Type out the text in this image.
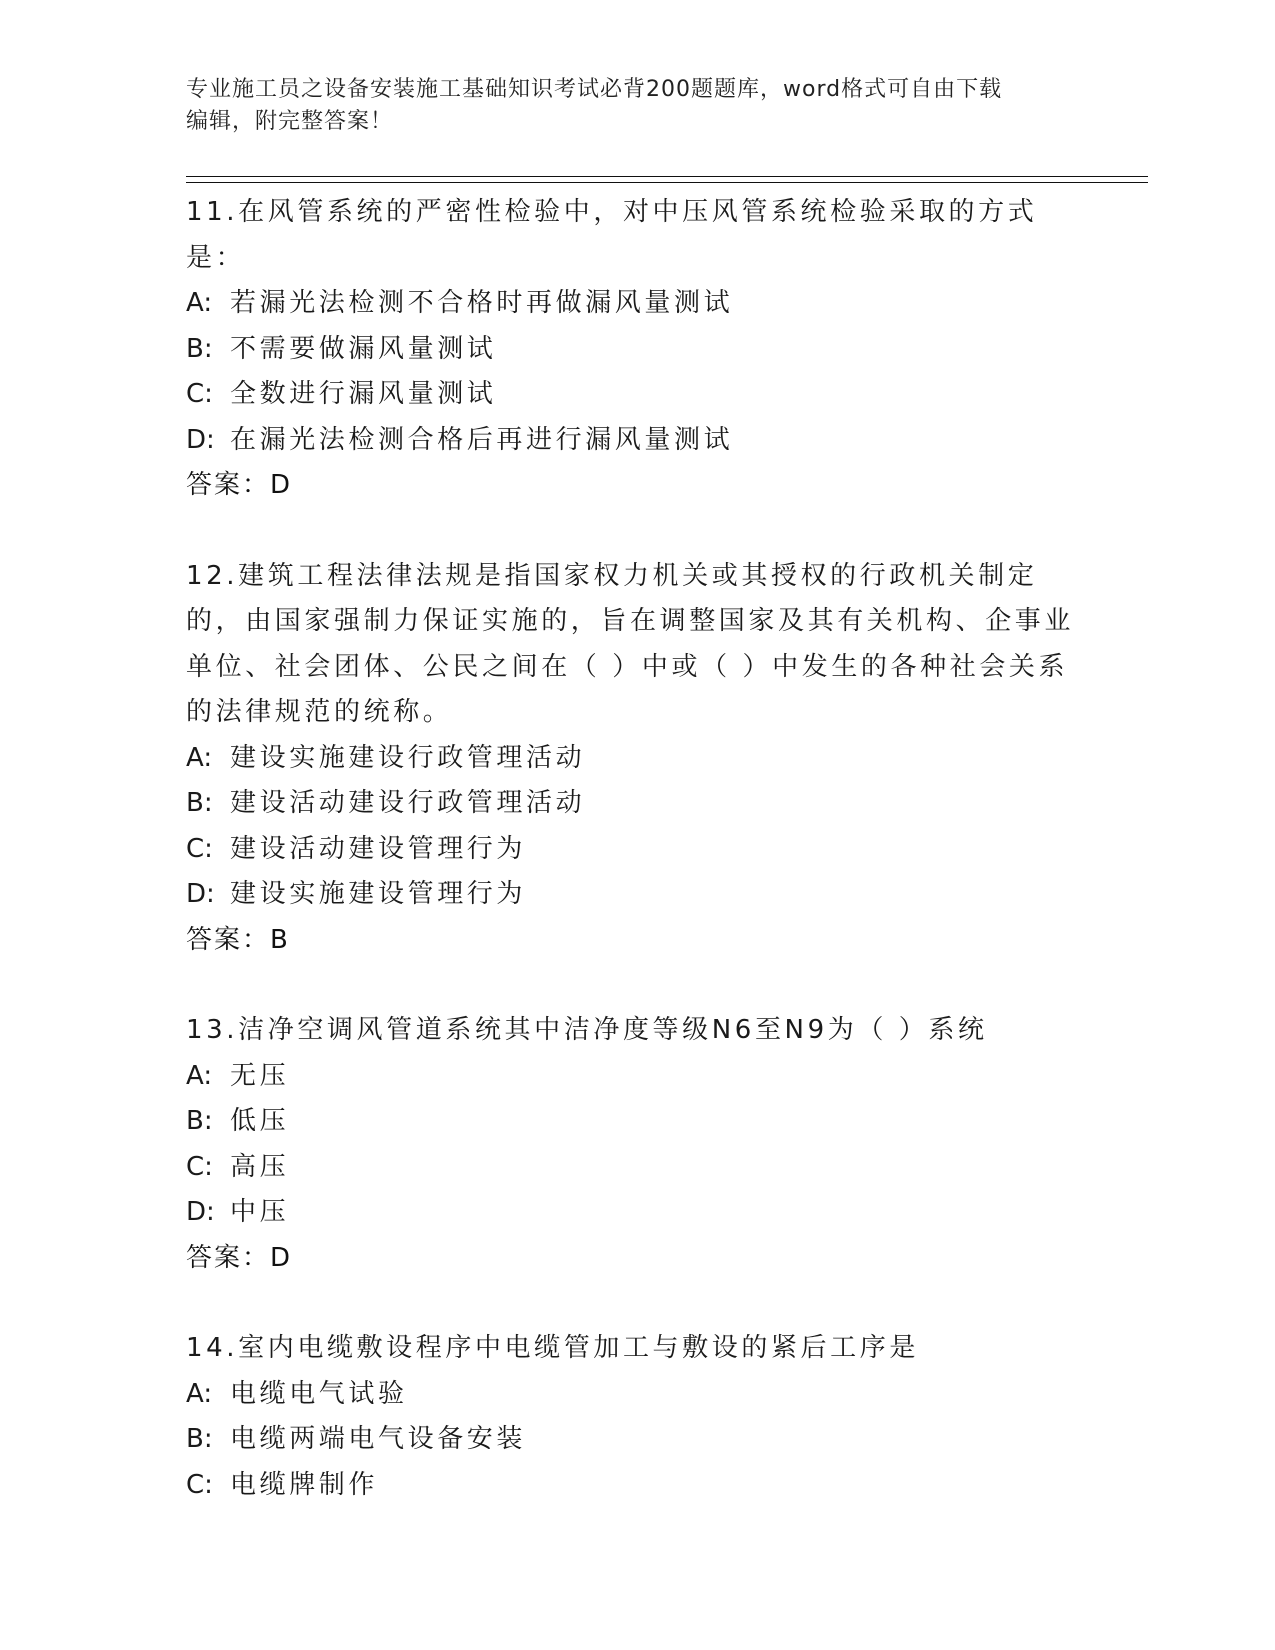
专业施工员之设备安装施工基础知识考试必背200题题库，word格式可自由下载
编辑，附完整答案！
11.在风管系统的严密性检验中，对中压风管系统检验采取的方式是：
A: 若漏光法检测不合格时再做漏风量测试
B: 不需要做漏风量测试
C: 全数进行漏风量测试
D: 在漏光法检测合格后再进行漏风量测试
答案：D
12.建筑工程法律法规是指国家权力机关或其授权的行政机关制定的，由国家强制力保证实施的，旨在调整国家及其有关机构、企事业单位、社会团体、公民之间在（ ）中或（ ）中发生的各种社会关系的法律规范的统称。
A: 建设实施建设行政管理活动
B: 建设活动建设行政管理活动
C: 建设活动建设管理行为
D: 建设实施建设管理行为
答案：B
13.洁净空调风管道系统其中洁净度等级N6至N9为（ ）系统
A: 无压
B: 低压
C: 高压
D: 中压
答案：D
14.室内电缆敷设程序中电缆管加工与敷设的紧后工序是
A: 电缆电气试验
B: 电缆两端电气设备安装
C: 电缆牌制作
